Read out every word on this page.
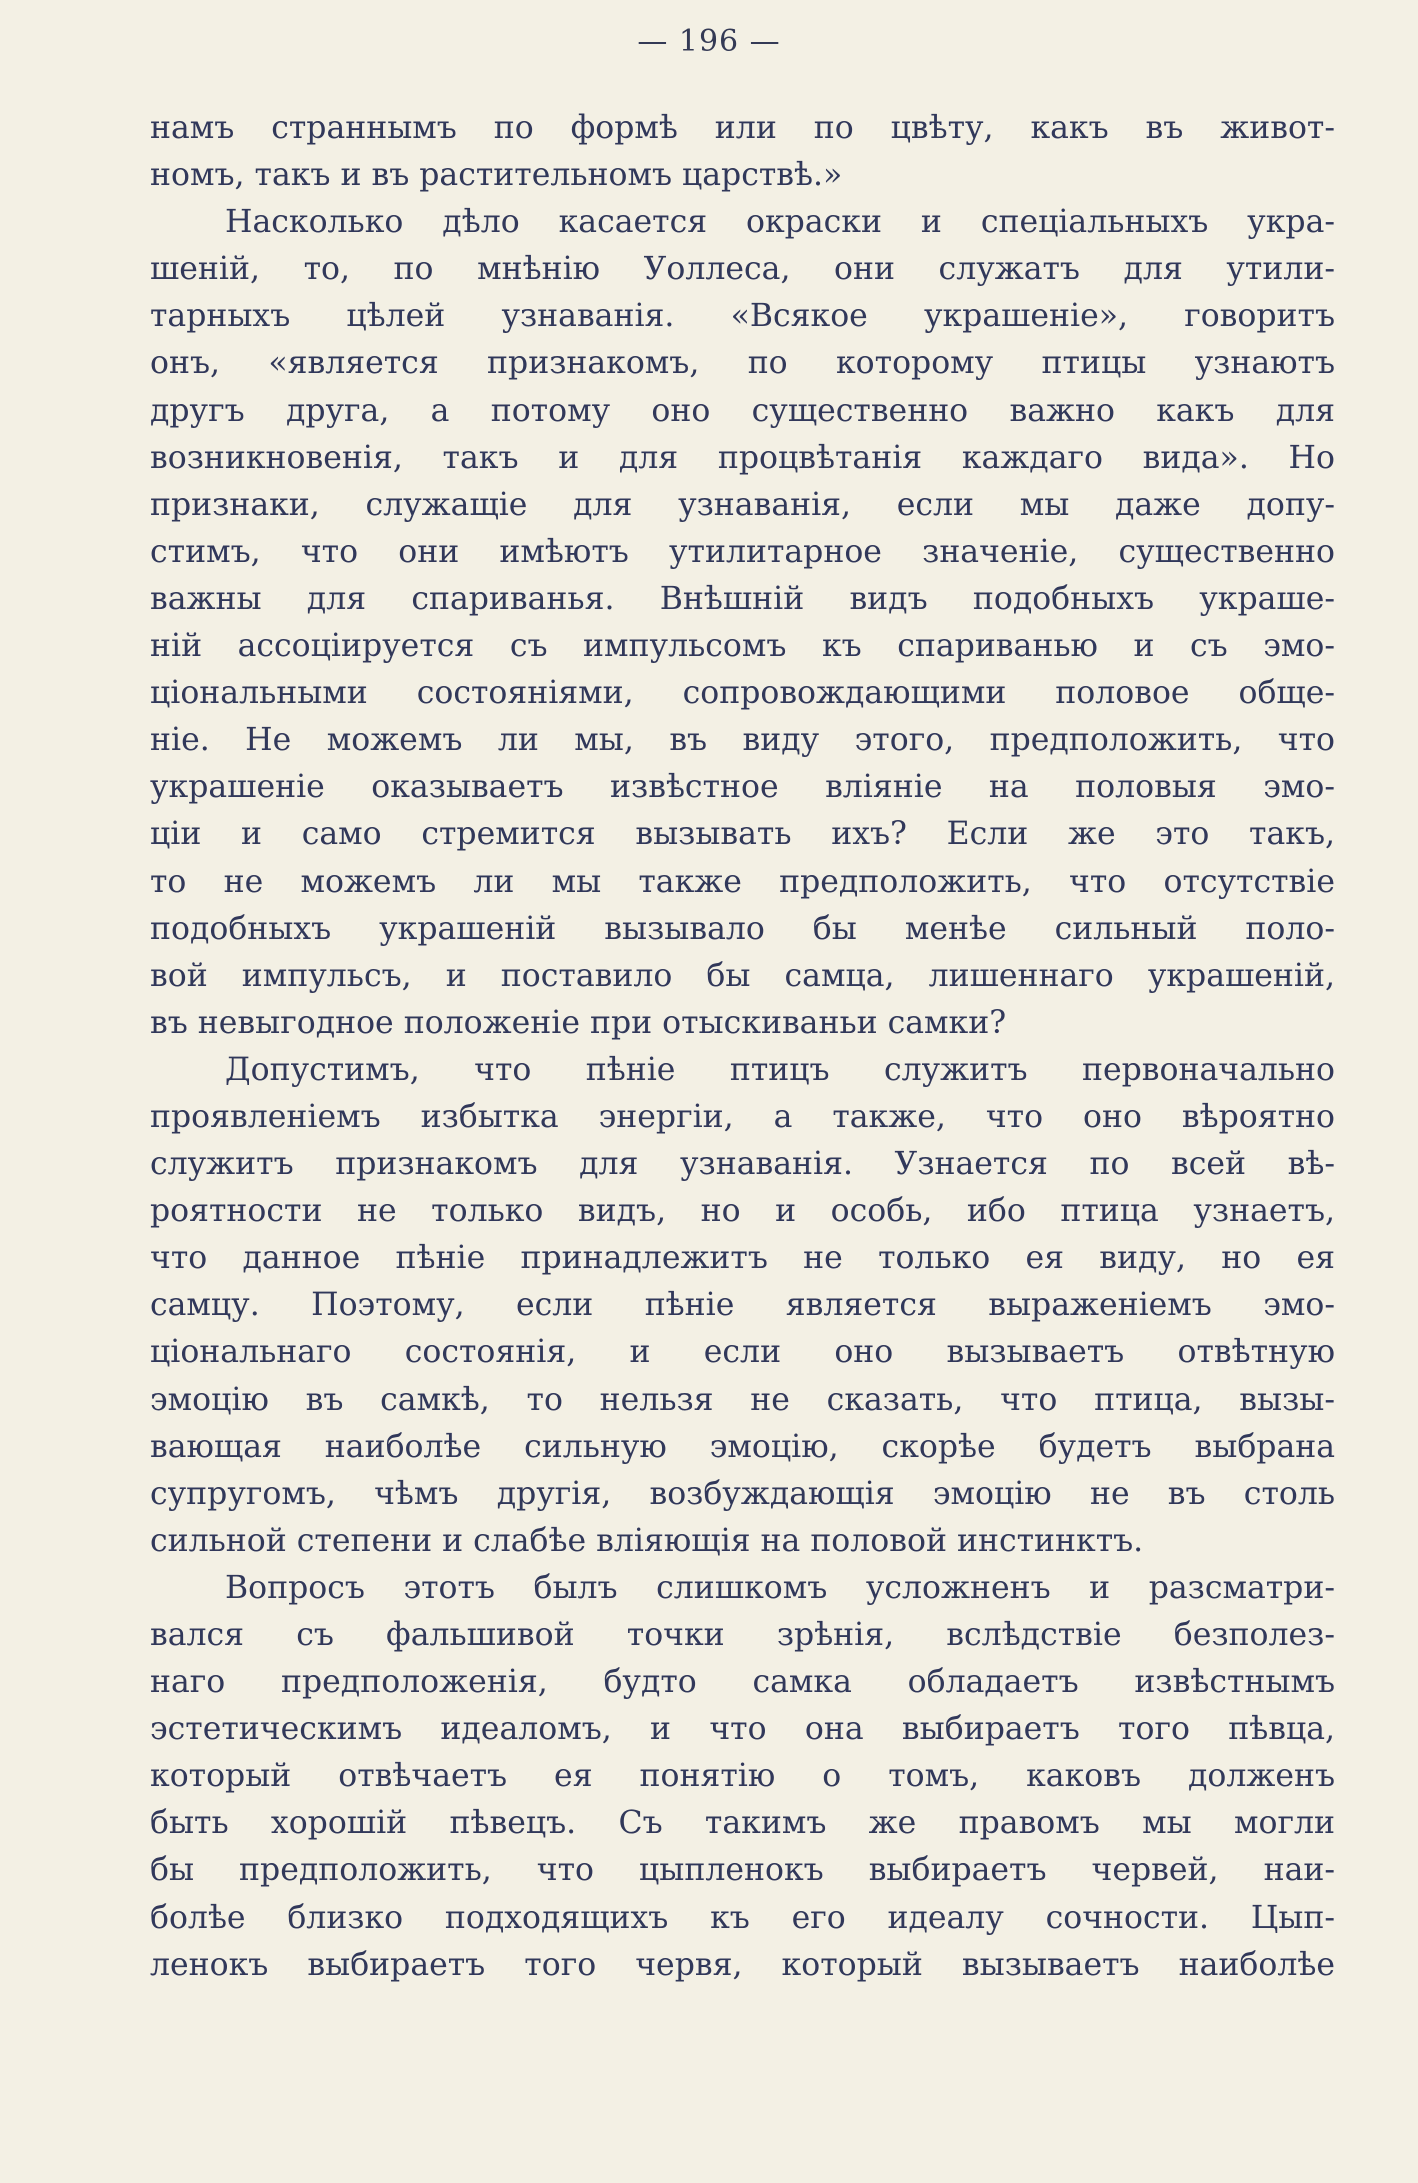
— 196 —
намъ страннымъ по формѣ или по цвѣту, какъ въ живот-
номъ, такъ и въ растительномъ царствѣ.»
Насколько дѣло касается окраски и спеціальныхъ укра-
шеній, то, по мнѣнію Уоллеса, они служатъ для утили-
тарныхъ цѣлей узнаванія. «Всякое украшеніе», говоритъ
онъ, «является признакомъ, по которому птицы узнаютъ
другъ друга, а потому оно существенно важно какъ для
возникновенія, такъ и для процвѣтанія каждаго вида». Но
признаки, служащіе для узнаванія, если мы даже допу-
стимъ, что они имѣютъ утилитарное значеніе, существенно
важны для спариванья. Внѣшній видъ подобныхъ украше-
ній ассоціируется съ импульсомъ къ спариванью и съ эмо-
ціональными состояніями, сопровождающими половое обще-
ніе. Не можемъ ли мы, въ виду этого, предположить, что
украшеніе оказываетъ извѣстное вліяніе на половыя эмо-
ціи и само стремится вызывать ихъ? Если же это такъ,
то не можемъ ли мы также предположить, что отсутствіе
подобныхъ украшеній вызывало бы менѣе сильный поло-
вой импульсъ, и поставило бы самца, лишеннаго украшеній,
въ невыгодное положеніе при отыскиваньи самки?
Допустимъ, что пѣніе птицъ служитъ первоначально
проявленіемъ избытка энергіи, а также, что оно вѣроятно
служитъ признакомъ для узнаванія. Узнается по всей вѣ-
роятности не только видъ, но и особь, ибо птица узнаетъ,
что данное пѣніе принадлежитъ не только ея виду, но ея
самцу. Поэтому, если пѣніе является выраженіемъ эмо-
ціональнаго состоянія, и если оно вызываетъ отвѣтную
эмоцію въ самкѣ, то нельзя не сказать, что птица, вызы-
вающая наиболѣе сильную эмоцію, скорѣе будетъ выбрана
супругомъ, чѣмъ другія, возбуждающія эмоцію не въ столь
сильной степени и слабѣе вліяющія на половой инстинктъ.
Вопросъ этотъ былъ слишкомъ усложненъ и разсматри-
вался съ фальшивой точки зрѣнія, вслѣдствіе безполез-
наго предположенія, будто самка обладаетъ извѣстнымъ
эстетическимъ идеаломъ, и что она выбираетъ того пѣвца,
который отвѣчаетъ ея понятію о томъ, каковъ долженъ
быть хорошій пѣвецъ. Съ такимъ же правомъ мы могли
бы предположить, что цыпленокъ выбираетъ червей, наи-
болѣе близко подходящихъ къ его идеалу сочности. Цып-
ленокъ выбираетъ того червя, который вызываетъ наиболѣе
